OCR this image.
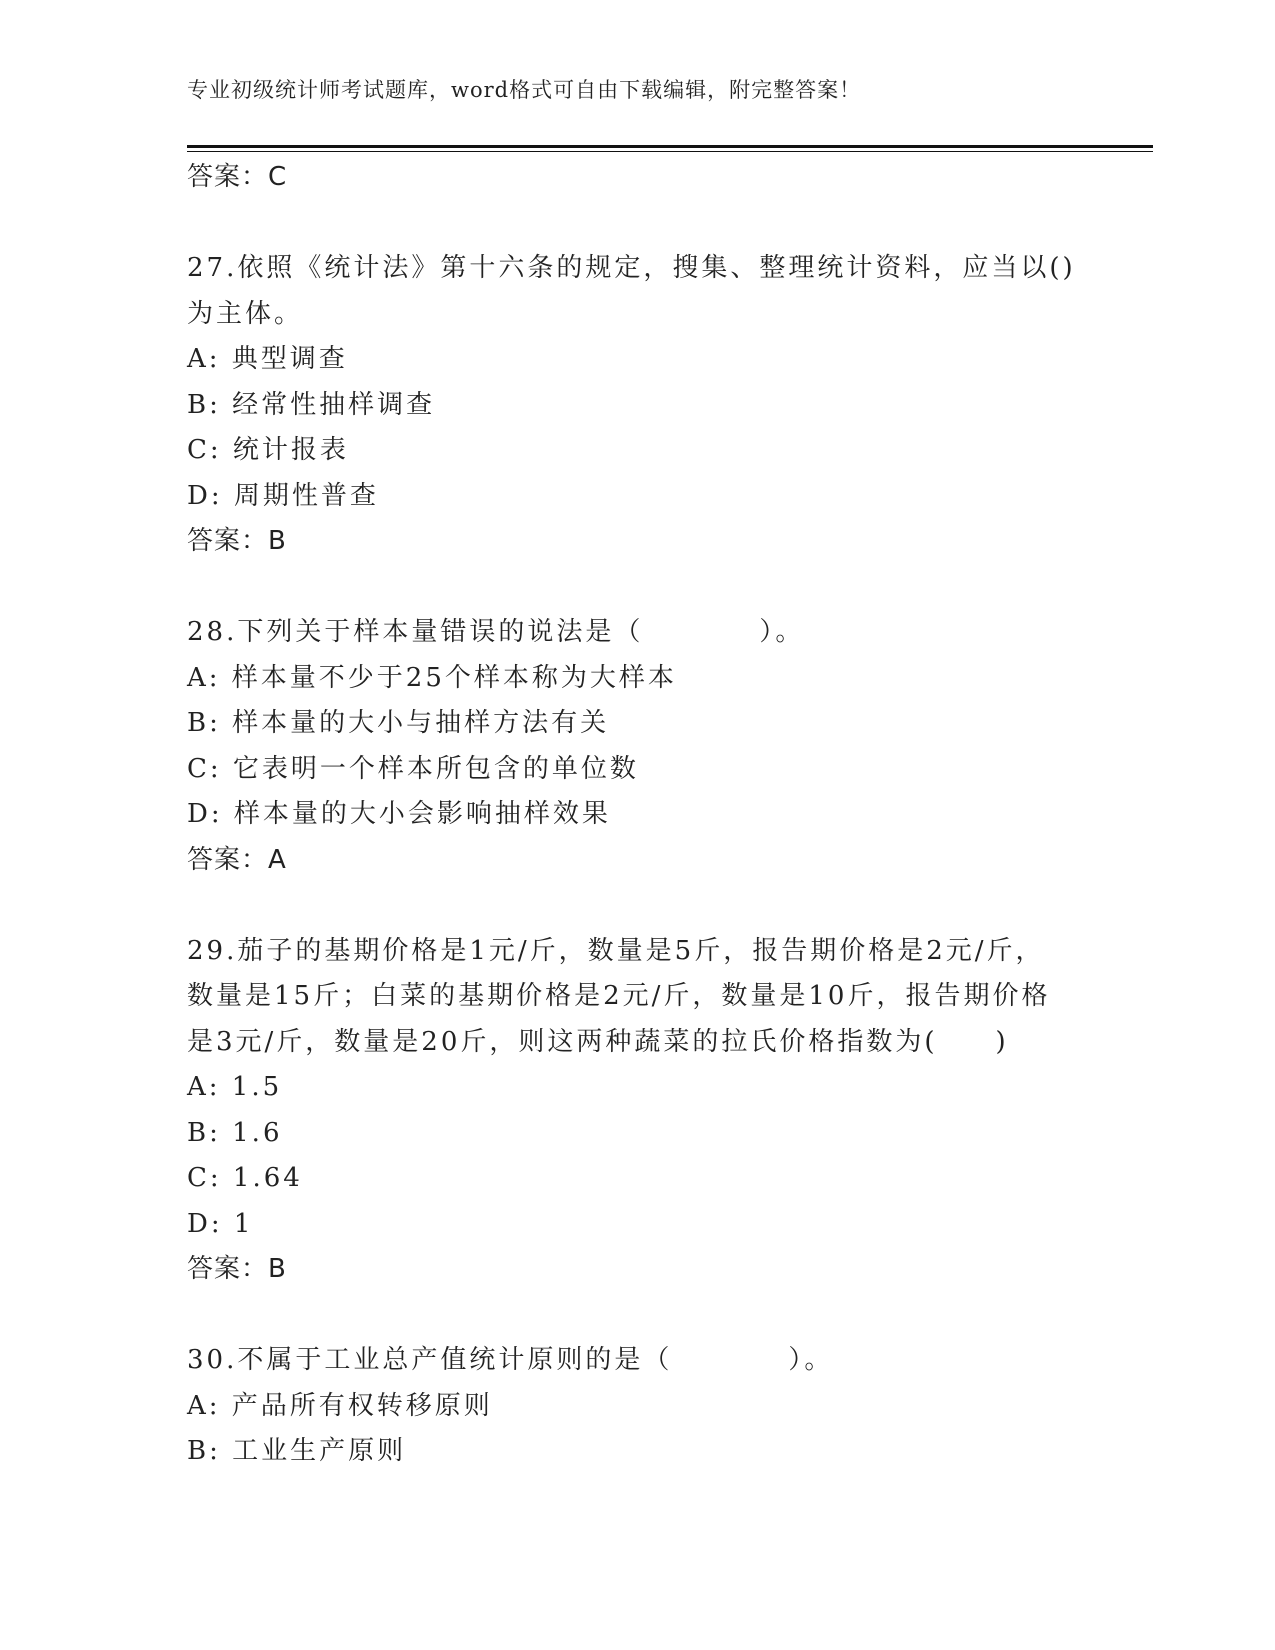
专业初级统计师考试题库，word格式可自由下载编辑，附完整答案！
答案：C
27.依照《统计法》第十六条的规定，搜集、整理统计资料，应当以()
为主体。
A: 典型调查
B: 经常性抽样调查
C: 统计报表
D: 周期性普查
答案：B
28.下列关于样本量错误的说法是（　　　　）。
A: 样本量不少于25个样本称为大样本
B: 样本量的大小与抽样方法有关
C: 它表明一个样本所包含的单位数
D: 样本量的大小会影响抽样效果
答案：A
29.茄子的基期价格是1元/斤，数量是5斤，报告期价格是2元/斤，
数量是15斤；白菜的基期价格是2元/斤，数量是10斤，报告期价格
是3元/斤，数量是20斤，则这两种蔬菜的拉氏价格指数为(　　)
A: 1.5
B: 1.6
C: 1.64
D: 1
答案：B
30.不属于工业总产值统计原则的是（　　　　）。
A: 产品所有权转移原则
B: 工业生产原则
